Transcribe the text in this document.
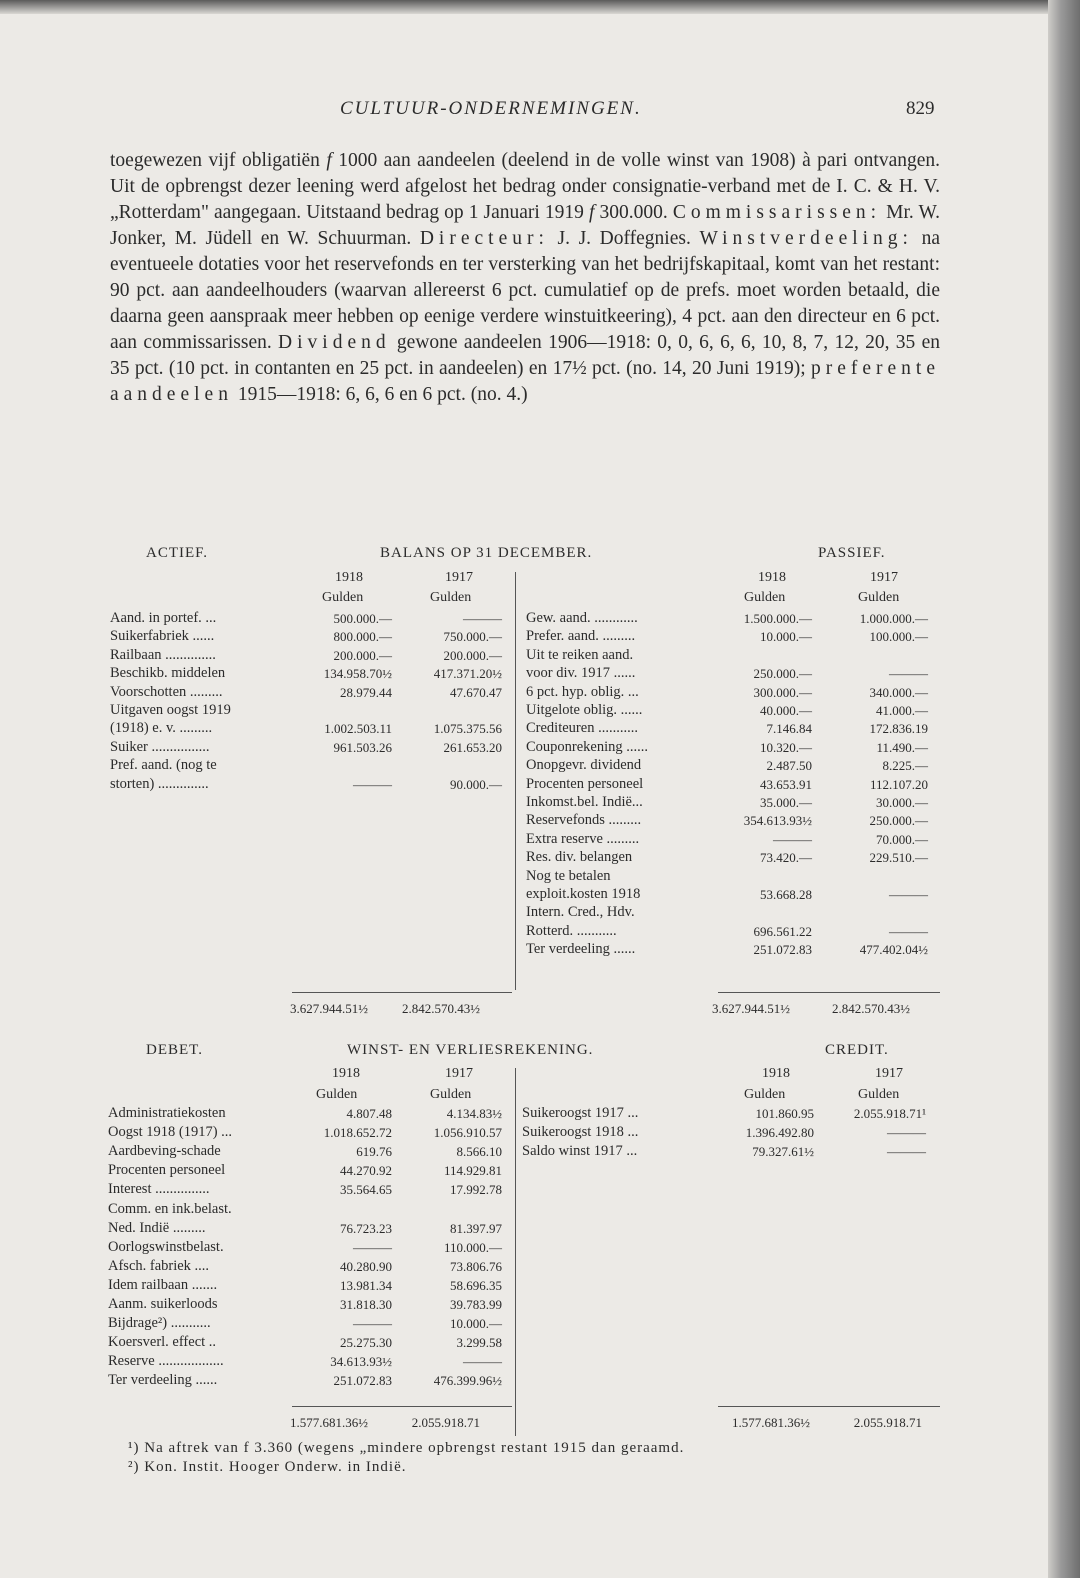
CULTUUR-ONDERNEMINGEN.	829

toegewezen vijf obligatiën f 1000 aan aandeelen (deelend in de volle winst van 1908) à pari ontvangen. Uit de opbrengst dezer leening werd afgelost het bedrag onder consignatie-verband met de I. C. & H. V. „Rotterdam" aangegaan. Uitstaand bedrag op 1 Januari 1919 f 300.000. Commissarissen: Mr. W. Jonker, M. Jüdell en W. Schuurman. Directeur: J. J. Doffegnies. Winstverdeeling: na eventueele dotaties voor het reservefonds en ter versterking van het bedrijfskapitaal, komt van het restant: 90 pct. aan aandeelhouders (waarvan allereerst 6 pct. cumulatief op de prefs. moet worden betaald, die daarna geen aanspraak meer hebben op eenige verdere winstuitkeering), 4 pct. aan den directeur en 6 pct. aan commissarissen. Dividend gewone aandeelen 1906—1918: 0, 0, 6, 6, 6, 10, 8, 7, 12, 20, 35 en 35 pct. (10 pct. in contanten en 25 pct. in aandeelen) en 17½ pct. (no. 14, 20 Juni 1919); preferente aandeelen 1915—1918: 6, 6, 6 en 6 pct. (no. 4.)

ACTIEF.	BALANS OP 31 DECEMBER.	PASSIEF.
1918	1917
Gulden	Gulden
1918	1917
Gulden	Gulden
Aand. in portef. ...	500.000.—	———
Suikerfabriek ......	800.000.—	750.000.—
Railbaan ..............	200.000.—	200.000.—
Beschikb. middelen	134.958.70½	417.371.20½
Voorschotten .........	28.979.44	47.670.47
Uitgaven oogst 1919
(1918) e. v. .........	1.002.503.11	1.075.375.56
Suiker ................	961.503.26	261.653.20
Pref. aand. (nog te
storten) ..............	———	90.000.—
Gew. aand. ............	1.500.000.—	1.000.000.—
Prefer. aand. .........	10.000.—	100.000.—
Uit te reiken aand.
voor div. 1917 ......	250.000.—	———
6 pct. hyp. oblig. ...	300.000.—	340.000.—
Uitgelote oblig. ......	40.000.—	41.000.—
Crediteuren ...........	7.146.84	172.836.19
Couponrekening ......	10.320.—	11.490.—
Onopgevr. dividend	2.487.50	8.225.—
Procenten personeel	43.653.91	112.107.20
Inkomst.bel. Indië...	35.000.—	30.000.—
Reservefonds .........	354.613.93½	250.000.—
Extra reserve .........	———	70.000.—
Res. div. belangen	73.420.—	229.510.—
Nog te betalen
exploit.kosten 1918	53.668.28	———
Intern. Cred., Hdv.
Rotterd. ...........	696.561.22	———
Ter verdeeling ......	251.072.83	477.402.04½
3.627.944.51½	2.842.570.43½	3.627.944.51½	2.842.570.43½
DEBET.	WINST- EN VERLIESREKENING.	CREDIT.
1918	1917
Gulden	Gulden
1918	1917
Gulden	Gulden
Administratiekosten	4.807.48	4.134.83½
Oogst 1918 (1917) ...	1.018.652.72	1.056.910.57
Aardbeving-schade	619.76	8.566.10
Procenten personeel	44.270.92	114.929.81
Interest ...............	35.564.65	17.992.78
Comm. en ink.belast.
Ned. Indië .........	76.723.23	81.397.97
Oorlogswinstbelast.	———	110.000.—
Afsch. fabriek ....	40.280.90	73.806.76
Idem railbaan .......	13.981.34	58.696.35
Aanm. suikerloods	31.818.30	39.783.99
Bijdrage²) ...........	———	10.000.—
Koersverl. effect ..	25.275.30	3.299.58
Reserve ..................	34.613.93½	———
Ter verdeeling ......	251.072.83	476.399.96½
Suikeroogst 1917 ...	101.860.95	2.055.918.71¹
Suikeroogst 1918 ...	1.396.492.80	———
Saldo winst 1917 ...	79.327.61½	———
1.577.681.36½	2.055.918.71	1.577.681.36½	2.055.918.71
¹) Na aftrek van f 3.360 (wegens „mindere opbrengst restant 1915 dan geraamd.
²) Kon. Instit. Hooger Onderw. in Indië.
